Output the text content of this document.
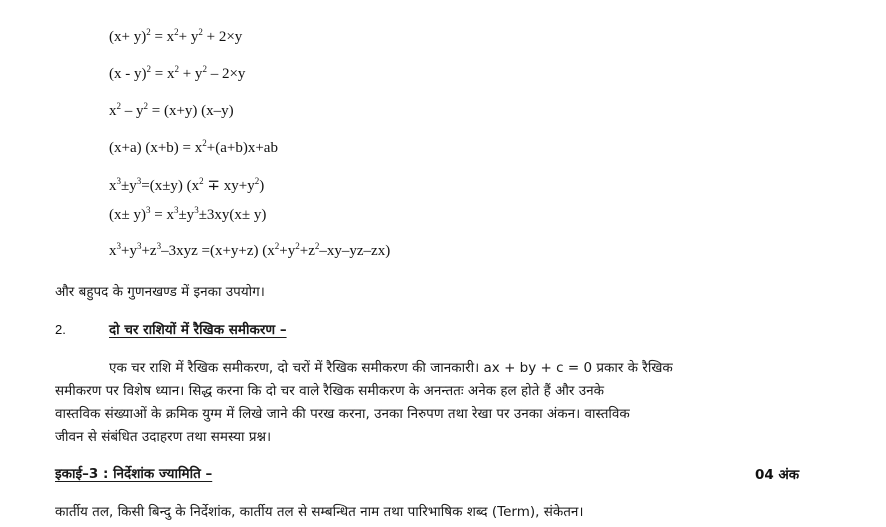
$(x+ y)^2 = x^2+ y^2 + 2\times y$
$(x - y)^2 = x^2 + y^2 - 2\times y$
$x^2 - y^2 = (x+y)$ (x–y)
(x+a) $(x+b) = x^2+(a+b)x+ab$
$x^3\pm y^3=(x\pm y) (x^2 \mp xy+y^2)$
$(x\pm y)^3 = x^3\pm y^3\pm 3xy(x\pm y)$
$x^3+y^3+z^3-3xyz =(x+y+z)$ $(x^2+y^2+z^2-xy-yz-zx)$
और बहुपद के गुणनखण्ड में इनका उपयोग।
2.	दो चर राशियों में रैखिक समीकरण –
एक चर राशि में रैखिक समीकरण, दो चरों में रैखिक समीकरण की जानकारी। ax + by + c = 0 प्रकार के रैखिक
समीकरण पर विशेष ध्यान। सिद्ध करना कि दो चर वाले रैखिक समीकरण के अनन्ततः अनेक हल होते हैं और उनके
वास्तविक संख्याओं के क्रमिक युग्म में लिखे जाने की परख करना, उनका निरुपण तथा रेखा पर उनका अंकन। वास्तविक
जीवन से संबंधित उदाहरण तथा समस्या प्रश्न।
इकाई–3 : निर्देशांक ज्यामिति –	04 अंक
कार्तीय तल, किसी बिन्दु के निर्देशांक, कार्तीय तल से सम्बन्धित नाम तथा पारिभाषिक शब्द (Term), संकेतन।
